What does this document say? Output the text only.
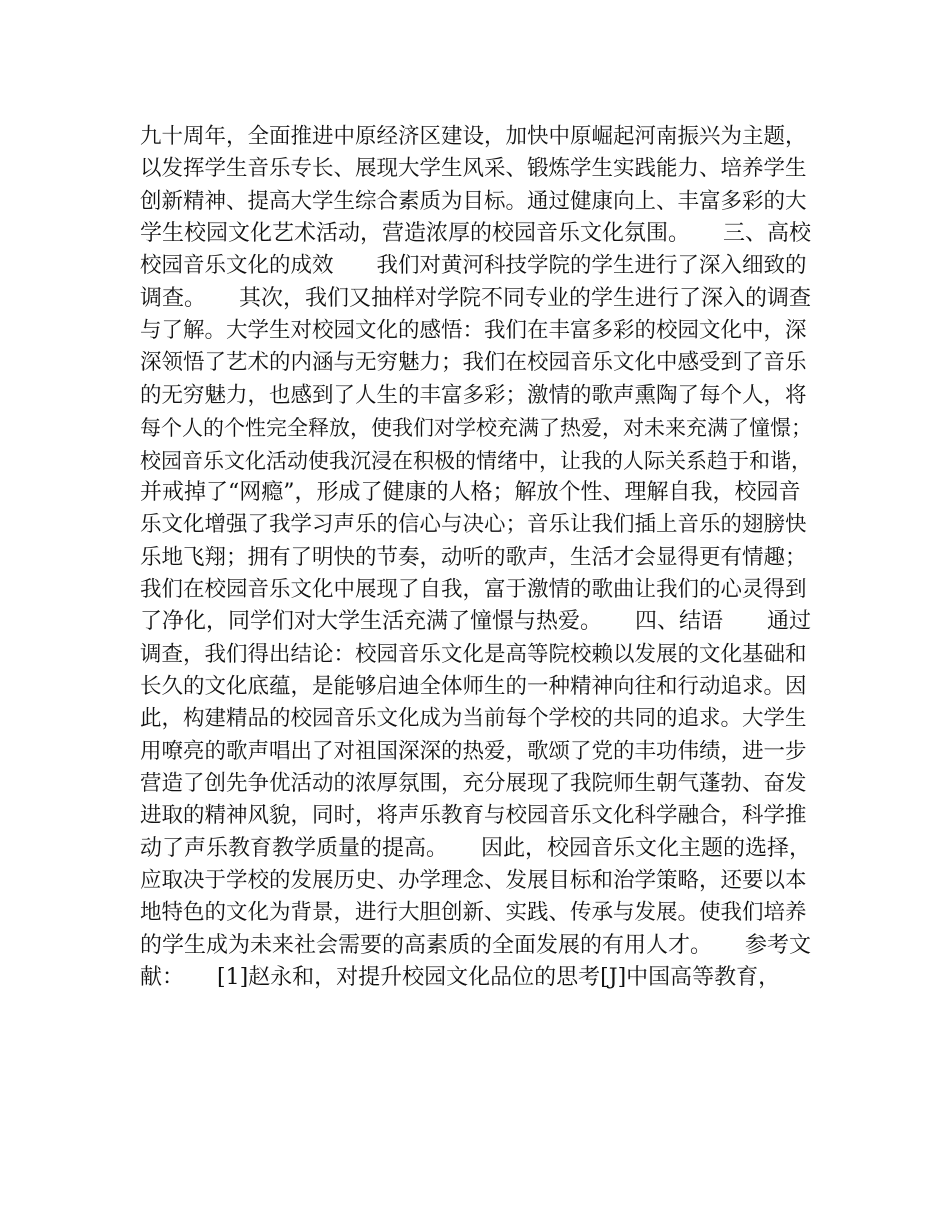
九十周年，全面推进中原经济区建设，加快中原崛起河南振兴为主题，
以发挥学生音乐专长、展现大学生风采、锻炼学生实践能力、培养学生
创新精神、提高大学生综合素质为目标。通过健康向上、丰富多彩的大
学生校园文化艺术活动，营造浓厚的校园音乐文化氛围。　　三、高校
校园音乐文化的成效　　我们对黄河科技学院的学生进行了深入细致的
调查。　　其次，我们又抽样对学院不同专业的学生进行了深入的调查
与了解。大学生对校园文化的感悟：我们在丰富多彩的校园文化中，深
深领悟了艺术的内涵与无穷魅力；我们在校园音乐文化中感受到了音乐
的无穷魅力，也感到了人生的丰富多彩；激情的歌声熏陶了每个人，将
每个人的个性完全释放，使我们对学校充满了热爱，对未来充满了憧憬；
校园音乐文化活动使我沉浸在积极的情绪中，让我的人际关系趋于和谐，
并戒掉了“网瘾”，形成了健康的人格；解放个性、理解自我，校园音
乐文化增强了我学习声乐的信心与决心；音乐让我们插上音乐的翅膀快
乐地飞翔；拥有了明快的节奏，动听的歌声，生活才会显得更有情趣；
我们在校园音乐文化中展现了自我，富于激情的歌曲让我们的心灵得到
了净化，同学们对大学生活充满了憧憬与热爱。　　四、结语　　通过
调查，我们得出结论：校园音乐文化是高等院校赖以发展的文化基础和
长久的文化底蕴，是能够启迪全体师生的一种精神向往和行动追求。因
此，构建精品的校园音乐文化成为当前每个学校的共同的追求。大学生
用嘹亮的歌声唱出了对祖国深深的热爱，歌颂了党的丰功伟绩，进一步
营造了创先争优活动的浓厚氛围，充分展现了我院师生朝气蓬勃、奋发
进取的精神风貌，同时，将声乐教育与校园音乐文化科学融合，科学推
动了声乐教育教学质量的提高。　　因此，校园音乐文化主题的选择，
应取决于学校的发展历史、办学理念、发展目标和治学策略，还要以本
地特色的文化为背景，进行大胆创新、实践、传承与发展。使我们培养
的学生成为未来社会需要的高素质的全面发展的有用人才。　　参考文
献：　　[1]赵永和，对提升校园文化品位的思考[J]中国高等教育，
